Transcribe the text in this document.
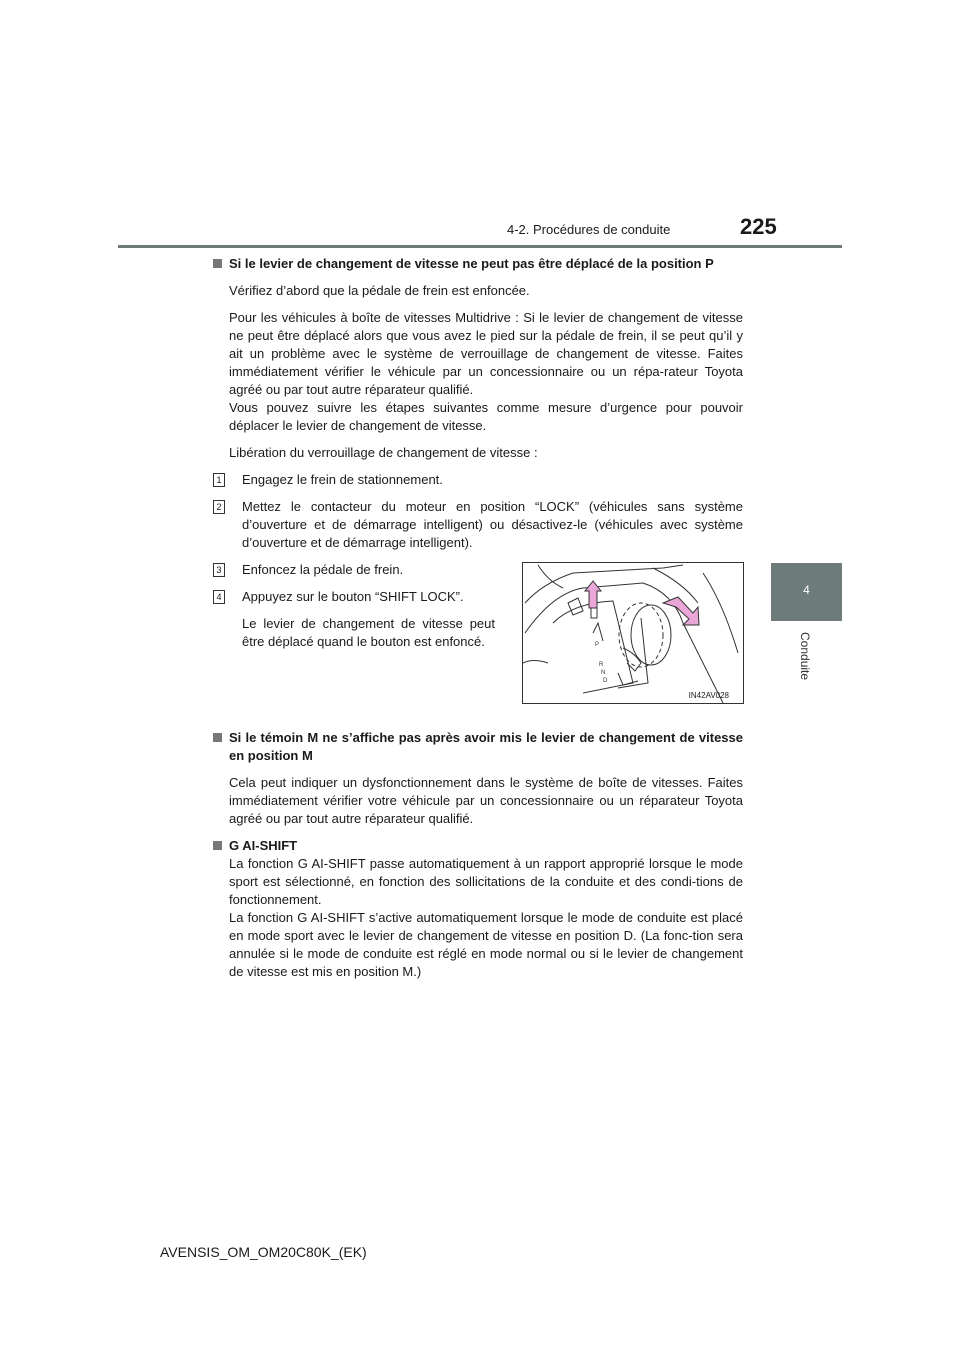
4-2. Procédures de conduite	225
4
Conduite
Si le levier de changement de vitesse ne peut pas être déplacé de la position P
Vérifiez d’abord que la pédale de frein est enfoncée.
Pour les véhicules à boîte de vitesses Multidrive : Si le levier de changement de vitesse ne peut être déplacé alors que vous avez le pied sur la pédale de frein, il se peut qu’il y ait un problème avec le système de verrouillage de changement de vitesse. Faites immédiatement vérifier le véhicule par un concessionnaire ou un répa-rateur Toyota agréé ou par tout autre réparateur qualifié.
Vous pouvez suivre les étapes suivantes comme mesure d’urgence pour pouvoir déplacer le levier de changement de vitesse.
Libération du verrouillage de changement de vitesse :
1 Engagez le frein de stationnement.
2 Mettez le contacteur du moteur en position “LOCK” (véhicules sans système d’ouverture et de démarrage intelligent) ou désactivez-le (véhicules avec système d’ouverture et de démarrage intelligent).
3 Enfoncez la pédale de frein.
4 Appuyez sur le bouton “SHIFT LOCK”.
Le levier de changement de vitesse peut être déplacé quand le bouton est enfoncé.
Si le témoin M ne s’affiche pas après avoir mis le levier de changement de vitesse en position M
Cela peut indiquer un dysfonctionnement dans le système de boîte de vitesses. Faites immédiatement vérifier votre véhicule par un concessionnaire ou un réparateur Toyota agréé ou par tout autre réparateur qualifié.
G AI-SHIFT
La fonction G AI-SHIFT passe automatiquement à un rapport approprié lorsque le mode sport est sélectionné, en fonction des sollicitations de la conduite et des condi-tions de fonctionnement.
La fonction G AI-SHIFT s’active automatiquement lorsque le mode de conduite est placé en mode sport avec le levier de changement de vitesse en position D. (La fonc-tion sera annulée si le mode de conduite est réglé en mode normal ou si le levier de changement de vitesse est mis en position M.)
P
R
N
D
IN42AV028
AVENSIS_OM_OM20C80K_(EK)
